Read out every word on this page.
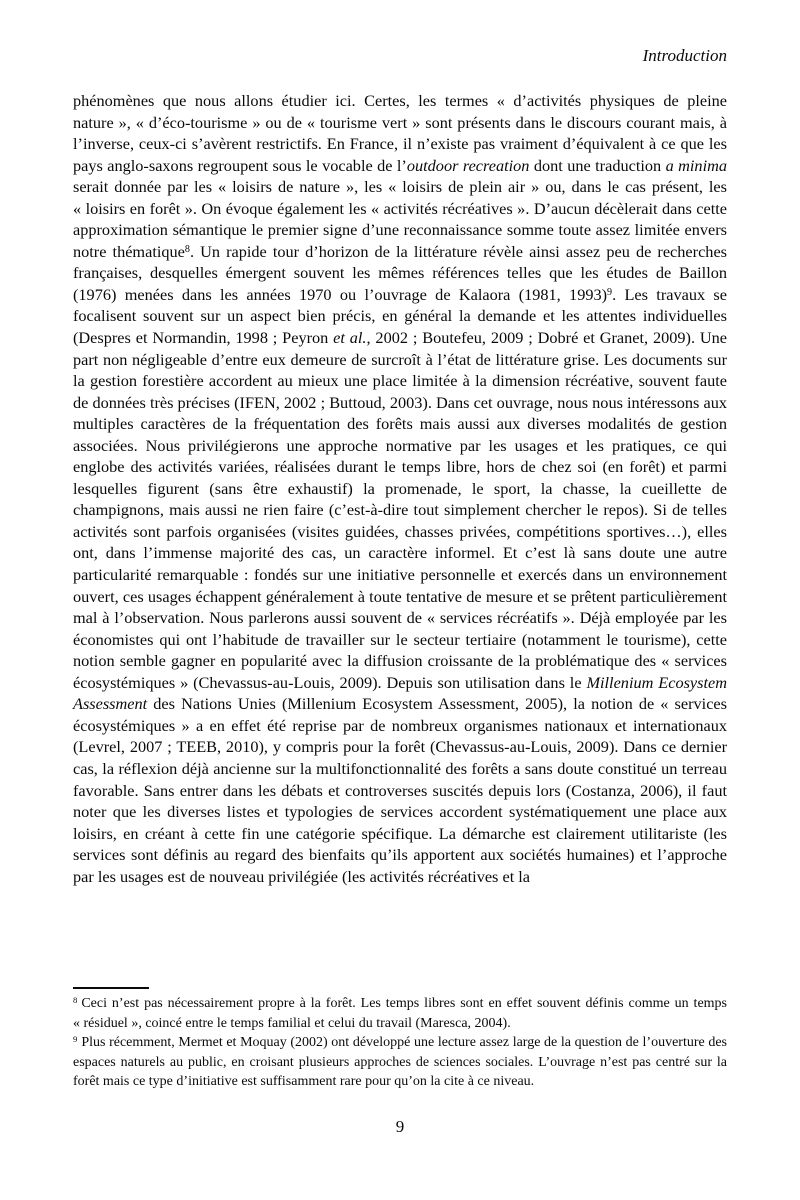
Introduction
phénomènes que nous allons étudier ici. Certes, les termes « d’activités physiques de pleine nature », « d’éco-tourisme » ou de « tourisme vert » sont présents dans le discours courant mais, à l’inverse, ceux-ci s’avèrent restrictifs. En France, il n’existe pas vraiment d’équivalent à ce que les pays anglo-saxons regroupent sous le vocable de l’outdoor recreation dont une traduction a minima serait donnée par les « loisirs de nature », les « loisirs de plein air » ou, dans le cas présent, les « loisirs en forêt ». On évoque également les « activités récréatives ». D’aucun décèlerait dans cette approximation sémantique le premier signe d’une reconnaissance somme toute assez limitée envers notre thématique$^8$. Un rapide tour d’horizon de la littérature révèle ainsi assez peu de recherches françaises, desquelles émergent souvent les mêmes références telles que les études de Baillon (1976) menées dans les années 1970 ou l’ouvrage de Kalaora (1981, 1993)$^9$. Les travaux se focalisent souvent sur un aspect bien précis, en général la demande et les attentes individuelles (Despres et Normandin, 1998 ; Peyron et al., 2002 ; Boutefeu, 2009 ; Dobré et Granet, 2009). Une part non négligeable d’entre eux demeure de surcroît à l’état de littérature grise. Les documents sur la gestion forestière accordent au mieux une place limitée à la dimension récréative, souvent faute de données très précises (IFEN, 2002 ; Buttoud, 2003). Dans cet ouvrage, nous nous intéressons aux multiples caractères de la fréquentation des forêts mais aussi aux diverses modalités de gestion associées. Nous privilégierons une approche normative par les usages et les pratiques, ce qui englobe des activités variées, réalisées durant le temps libre, hors de chez soi (en forêt) et parmi lesquelles figurent (sans être exhaustif) la promenade, le sport, la chasse, la cueillette de champignons, mais aussi ne rien faire (c’est-à-dire tout simplement chercher le repos). Si de telles activités sont parfois organisées (visites guidées, chasses privées, compétitions sportives…), elles ont, dans l’immense majorité des cas, un caractère informel. Et c’est là sans doute une autre particularité remarquable : fondés sur une initiative personnelle et exercés dans un environnement ouvert, ces usages échappent généralement à toute tentative de mesure et se prêtent particulièrement mal à l’observation. Nous parlerons aussi souvent de « services récréatifs ». Déjà employée par les économistes qui ont l’habitude de travailler sur le secteur tertiaire (notamment le tourisme), cette notion semble gagner en popularité avec la diffusion croissante de la problématique des « services écosystémiques » (Chevassus-au-Louis, 2009). Depuis son utilisation dans le Millenium Ecosystem Assessment des Nations Unies (Millenium Ecosystem Assessment, 2005), la notion de « services écosystémiques » a en effet été reprise par de nombreux organismes nationaux et internationaux (Levrel, 2007 ; TEEB, 2010), y compris pour la forêt (Chevassus-au-Louis, 2009). Dans ce dernier cas, la réflexion déjà ancienne sur la multifonctionnalité des forêts a sans doute constitué un terreau favorable. Sans entrer dans les débats et controverses suscités depuis lors (Costanza, 2006), il faut noter que les diverses listes et typologies de services accordent systématiquement une place aux loisirs, en créant à cette fin une catégorie spécifique. La démarche est clairement utilitariste (les services sont définis au regard des bienfaits qu’ils apportent aux sociétés humaines) et l’approche par les usages est de nouveau privilégiée (les activités récréatives et la
$^8$ Ceci n’est pas nécessairement propre à la forêt. Les temps libres sont en effet souvent définis comme un temps « résiduel », coincé entre le temps familial et celui du travail (Maresca, 2004).
$^9$ Plus récemment, Mermet et Moquay (2002) ont développé une lecture assez large de la question de l’ouverture des espaces naturels au public, en croisant plusieurs approches de sciences sociales. L’ouvrage n’est pas centré sur la forêt mais ce type d’initiative est suffisamment rare pour qu’on la cite à ce niveau.
9
